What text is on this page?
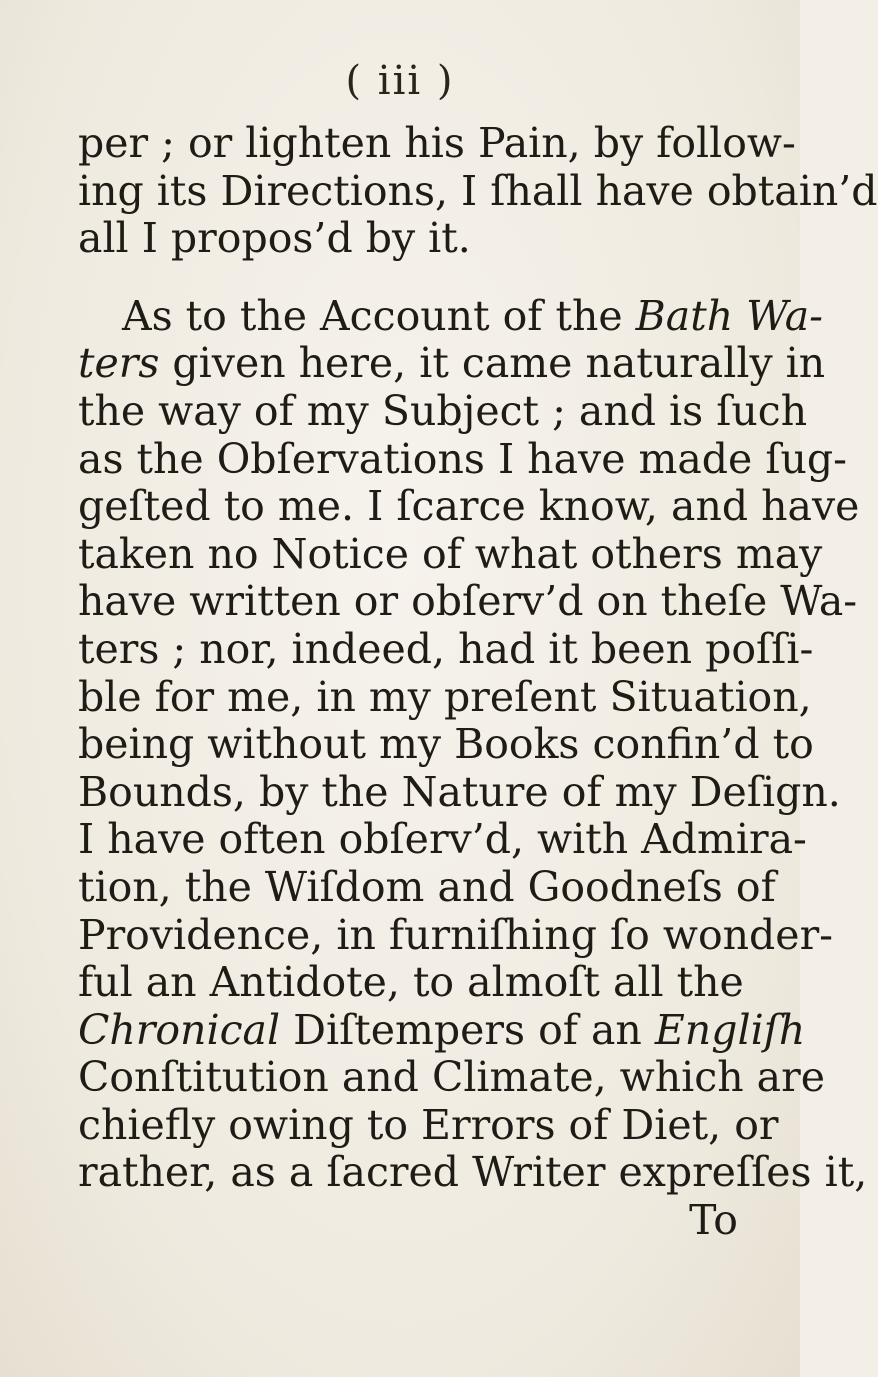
( iii )
per ; or lighten his Pain, by follow-
ing its Directions, I ſhall have obtain’d
all I propos’d by it.
As to the Account of the Bath Wa-
ters given here, it came naturally in
the way of my Subject ; and is ſuch
as the Obſervations I have made ſug-
geſted to me. I ſcarce know, and have
taken no Notice of what others may
have written or obſerv’d on theſe Wa-
ters ; nor, indeed, had it been poſſi-
ble for me, in my preſent Situation,
being without my Books confin’d to
Bounds, by the Nature of my Deſign.
I have often obſerv’d, with Admira-
tion, the Wiſdom and Goodneſs of
Providence, in furniſhing ſo wonder-
ful an Antidote, to almoſt all the
Chronical Diſtempers of an Engliſh
Conſtitution and Climate, which are
chiefly owing to Errors of Diet, or
rather, as a ſacred Writer expreſſes it,
To
